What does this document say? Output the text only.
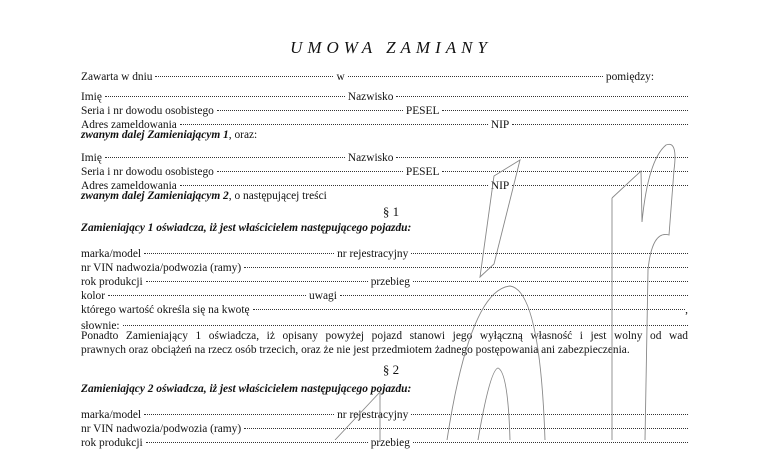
UMOWA ZAMIANY
Zawarta w dniu	w	pomiędzy:
Imię	Nazwisko
Seria i nr dowodu osobistego	PESEL
Adres zameldowania	NIP
zwanym dalej Zamieniającym 1 , oraz:
Imię	Nazwisko
Seria i nr dowodu osobistego	PESEL
Adres zameldowania	NIP
zwanym dalej Zamieniającym 2 , o następującej treści
§ 1
Zamieniający 1 oświadcza, iż jest właścicielem następującego pojazdu:
marka/model	nr rejestracyjny
nr VIN nadwozia/podwozia (ramy)
rok produkcji	przebieg
kolor	uwagi
którego wartość określa się na kwotę	,
słownie:
Ponadto Zamieniający 1 oświadcza, iż opisany powyżej pojazd stanowi jego wyłączną własność i jest wolny od wad
prawnych oraz obciążeń na rzecz osób trzecich, oraz że nie jest przedmiotem żadnego postępowania ani zabezpieczenia.
§ 2
Zamieniający 2 oświadcza, iż jest właścicielem następującego pojazdu:
marka/model	nr rejestracyjny
nr VIN nadwozia/podwozia (ramy)
rok produkcji	przebieg
